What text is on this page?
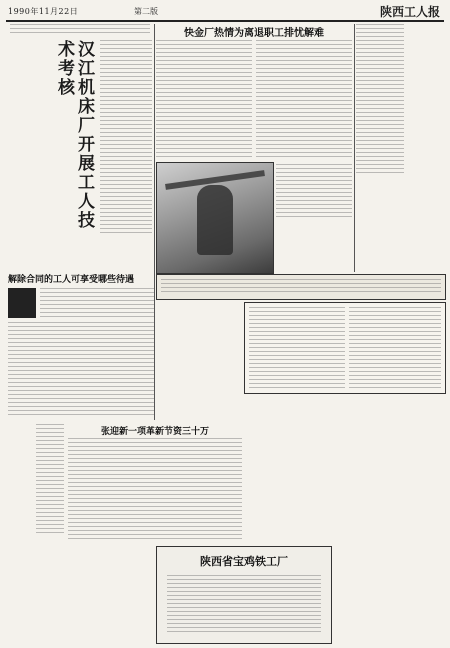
1990年11月22日	第二版	陕西工人报
汉江机床厂开展工人技术考核
快金厂热情为离退职工排忧解难
解除合同的工人可享受哪些待遇
张迎新一项革新节资三十万
陕西省宝鸡铁工厂
